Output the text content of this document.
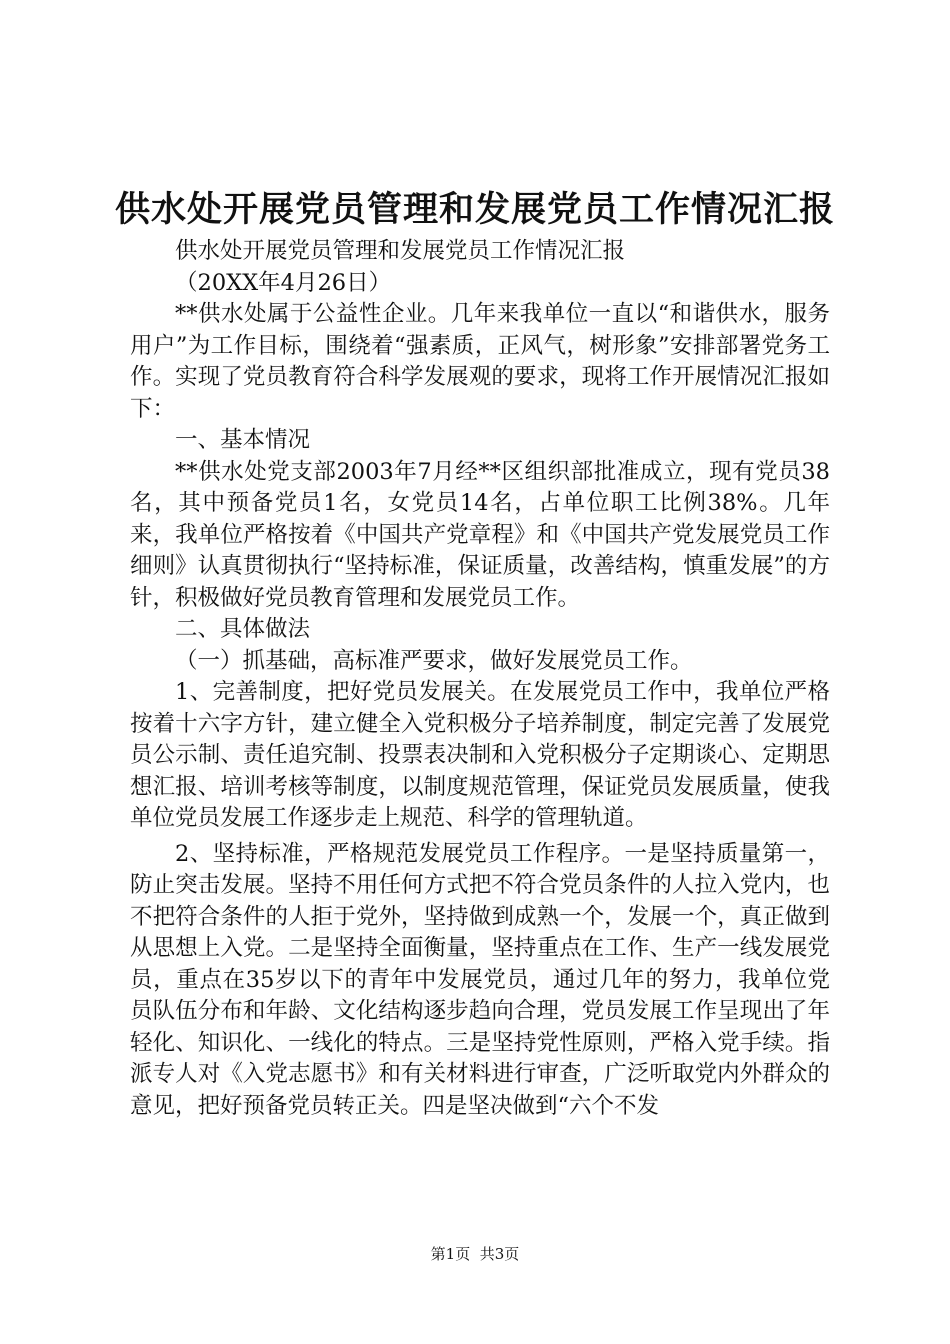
供水处开展党员管理和发展党员工作情况汇报

供水处开展党员管理和发展党员工作情况汇报

（20XX年4月26日）

**供水处属于公益性企业。几年来我单位一直以“和谐供水，服务用户”为工作目标，围绕着“强素质，正风气，树形象”安排部署党务工作。实现了党员教育符合科学发展观的要求，现将工作开展情况汇报如下：

一、基本情况

**供水处党支部2003年7月经**区组织部批准成立，现有党员38名，其中预备党员1名，女党员14名，占单位职工比例38%。几年来，我单位严格按着《中国共产党章程》和《中国共产党发展党员工作细则》认真贯彻执行“坚持标准，保证质量，改善结构，慎重发展”的方针，积极做好党员教育管理和发展党员工作。

二、具体做法

（一）抓基础，高标准严要求，做好发展党员工作。

1、完善制度，把好党员发展关。在发展党员工作中，我单位严格按着十六字方针，建立健全入党积极分子培养制度，制定完善了发展党员公示制、责任追究制、投票表决制和入党积极分子定期谈心、定期思想汇报、培训考核等制度，以制度规范管理，保证党员发展质量，使我单位党员发展工作逐步走上规范、科学的管理轨道。

2、坚持标准，严格规范发展党员工作程序。一是坚持质量第一，防止突击发展。坚持不用任何方式把不符合党员条件的人拉入党内，也不把符合条件的人拒于党外，坚持做到成熟一个，发展一个，真正做到从思想上入党。二是坚持全面衡量，坚持重点在工作、生产一线发展党员，重点在35岁以下的青年中发展党员，通过几年的努力，我单位党员队伍分布和年龄、文化结构逐步趋向合理，党员发展工作呈现出了年轻化、知识化、一线化的特点。三是坚持党性原则，严格入党手续。指派专人对《入党志愿书》和有关材料进行审查，广泛听取党内外群众的意见，把好预备党员转正关。四是坚决做到“六个不发

第1页 共3页
